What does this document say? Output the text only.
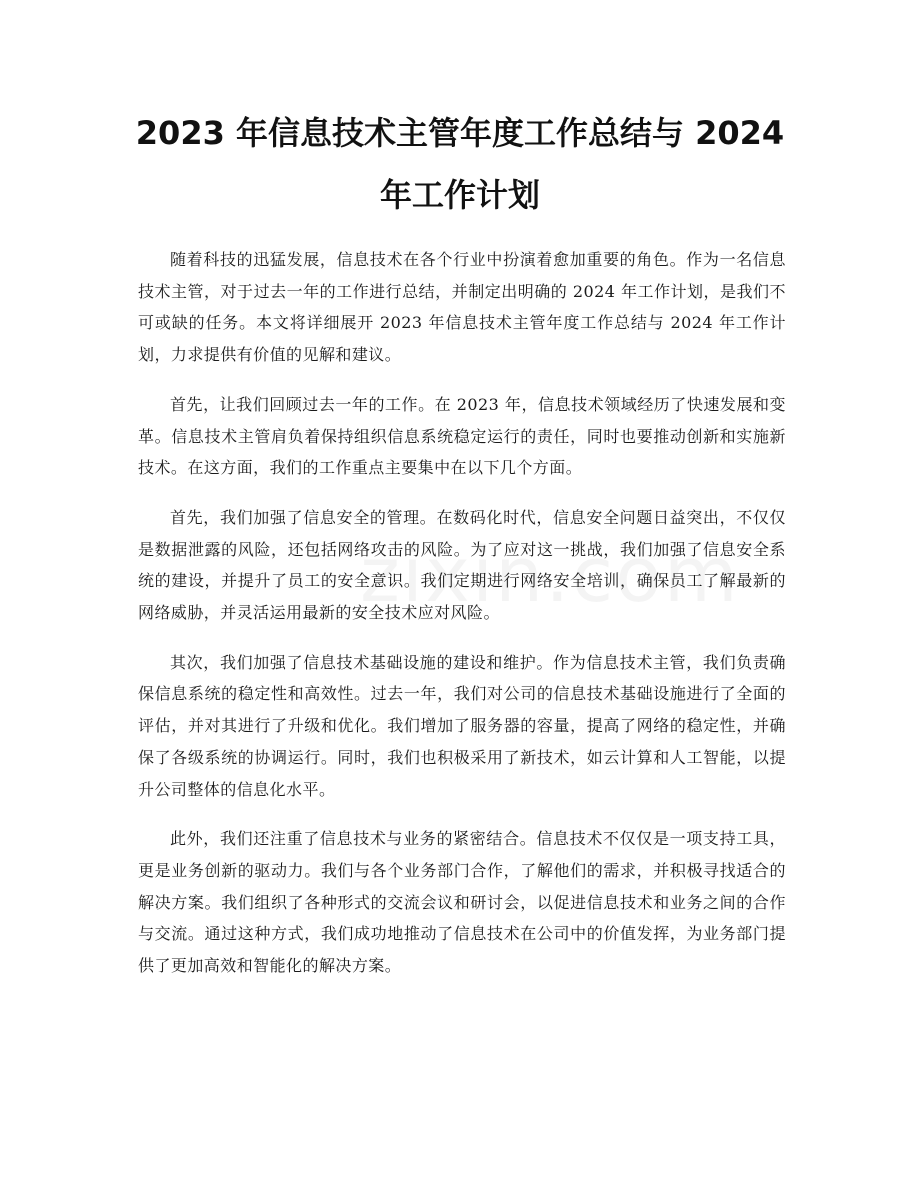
2023 年信息技术主管年度工作总结与 2024 年工作计划

随着科技的迅猛发展，信息技术在各个行业中扮演着愈加重要的角色。作为一名信息技术主管，对于过去一年的工作进行总结，并制定出明确的 2024 年工作计划，是我们不可或缺的任务。本文将详细展开 2023 年信息技术主管年度工作总结与 2024 年工作计划，力求提供有价值的见解和建议。

首先，让我们回顾过去一年的工作。在 2023 年，信息技术领域经历了快速发展和变革。信息技术主管肩负着保持组织信息系统稳定运行的责任，同时也要推动创新和实施新技术。在这方面，我们的工作重点主要集中在以下几个方面。

首先，我们加强了信息安全的管理。在数码化时代，信息安全问题日益突出，不仅仅是数据泄露的风险，还包括网络攻击的风险。为了应对这一挑战，我们加强了信息安全系统的建设，并提升了员工的安全意识。我们定期进行网络安全培训，确保员工了解最新的网络威胁，并灵活运用最新的安全技术应对风险。

其次，我们加强了信息技术基础设施的建设和维护。作为信息技术主管，我们负责确保信息系统的稳定性和高效性。过去一年，我们对公司的信息技术基础设施进行了全面的评估，并对其进行了升级和优化。我们增加了服务器的容量，提高了网络的稳定性，并确保了各级系统的协调运行。同时，我们也积极采用了新技术，如云计算和人工智能，以提升公司整体的信息化水平。

此外，我们还注重了信息技术与业务的紧密结合。信息技术不仅仅是一项支持工具，更是业务创新的驱动力。我们与各个业务部门合作，了解他们的需求，并积极寻找适合的解决方案。我们组织了各种形式的交流会议和研讨会，以促进信息技术和业务之间的合作与交流。通过这种方式，我们成功地推动了信息技术在公司中的价值发挥，为业务部门提供了更加高效和智能化的解决方案。
